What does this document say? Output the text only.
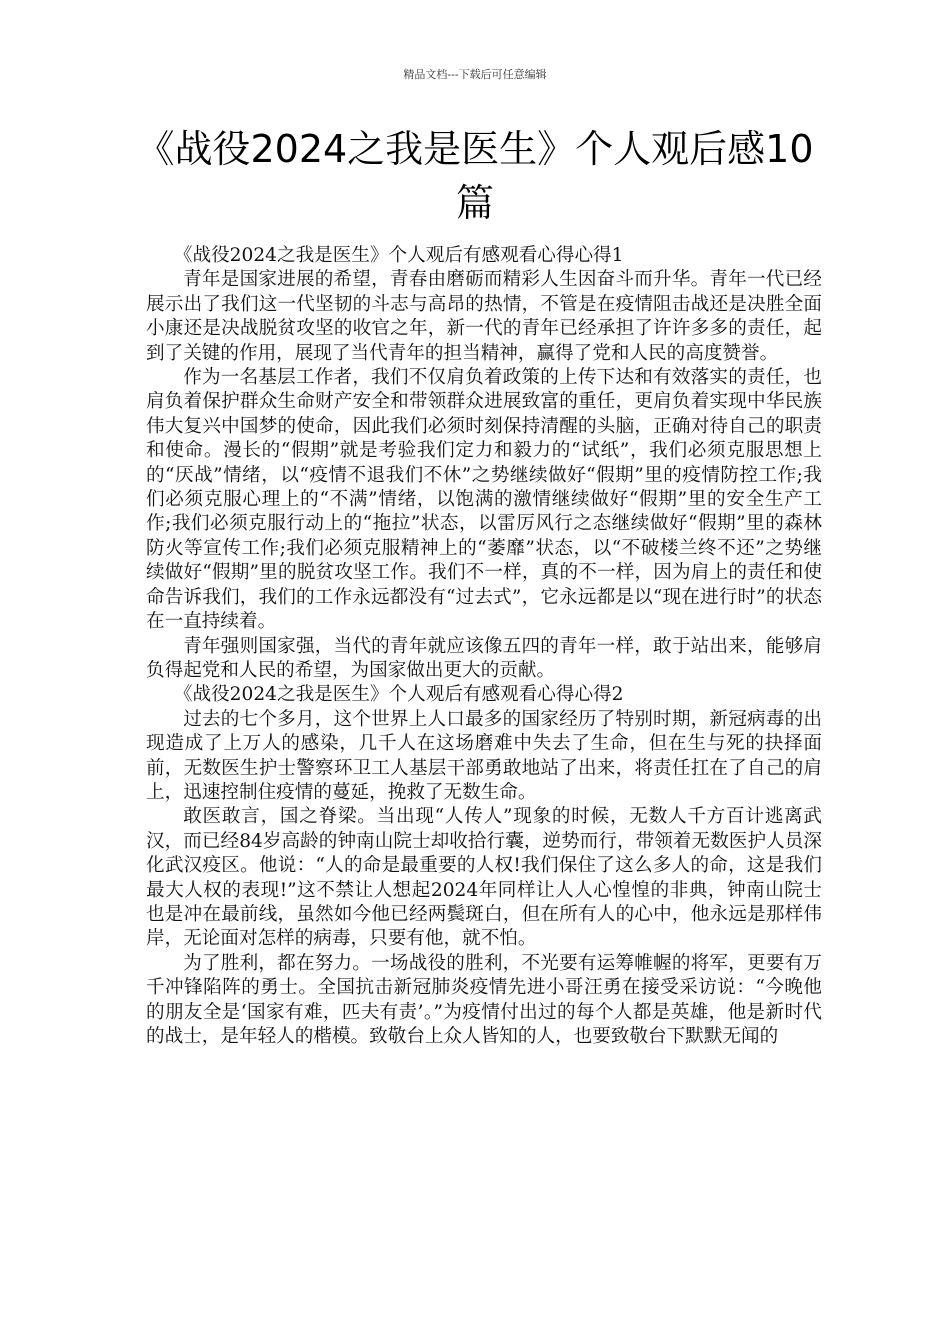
精品文档---下载后可任意编辑
《战役2024之我是医生》个人观后感10篇

《战役2024之我是医生》个人观后有感观看心得心得1

青年是国家进展的希望，青春由磨砺而精彩人生因奋斗而升华。青年一代已经展示出了我们这一代坚韧的斗志与高昂的热情，不管是在疫情阻击战还是决胜全面小康还是决战脱贫攻坚的收官之年，新一代的青年已经承担了许许多多的责任，起到了关键的作用，展现了当代青年的担当精神，赢得了党和人民的高度赞誉。

作为一名基层工作者，我们不仅肩负着政策的上传下达和有效落实的责任，也肩负着保护群众生命财产安全和带领群众进展致富的重任，更肩负着实现中华民族伟大复兴中国梦的使命，因此我们必须时刻保持清醒的头脑，正确对待自己的职责和使命。漫长的“假期”就是考验我们定力和毅力的“试纸”，我们必须克服思想上的“厌战”情绪，以“疫情不退我们不休”之势继续做好“假期”里的疫情防控工作;我们必须克服心理上的“不满”情绪，以饱满的激情继续做好“假期”里的安全生产工作;我们必须克服行动上的“拖拉”状态，以雷厉风行之态继续做好“假期”里的森林防火等宣传工作;我们必须克服精神上的“萎靡”状态，以“不破楼兰终不还”之势继续做好“假期”里的脱贫攻坚工作。我们不一样，真的不一样，因为肩上的责任和使命告诉我们，我们的工作永远都没有“过去式”，它永远都是以“现在进行时”的状态在一直持续着。

青年强则国家强，当代的青年就应该像五四的青年一样，敢于站出来，能够肩负得起党和人民的希望，为国家做出更大的贡献。

《战役2024之我是医生》个人观后有感观看心得心得2

过去的七个多月，这个世界上人口最多的国家经历了特别时期，新冠病毒的出现造成了上万人的感染，几千人在这场磨难中失去了生命，但在生与死的抉择面前，无数医生护士警察环卫工人基层干部勇敢地站了出来，将责任扛在了自己的肩上，迅速控制住疫情的蔓延，挽救了无数生命。

敢医敢言，国之脊梁。当出现“人传人”现象的时候，无数人千方百计逃离武汉，而已经84岁高龄的钟南山院士却收拾行囊，逆势而行，带领着无数医护人员深化武汉疫区。他说：“人的命是最重要的人权!我们保住了这么多人的命，这是我们最大人权的表现!”这不禁让人想起2024年同样让人人心惶惶的非典，钟南山院士也是冲在最前线，虽然如今他已经两鬓斑白，但在所有人的心中，他永远是那样伟岸，无论面对怎样的病毒，只要有他，就不怕。

为了胜利，都在努力。一场战役的胜利，不光要有运筹帷幄的将军，更要有万千冲锋陷阵的勇士。全国抗击新冠肺炎疫情先进小哥汪勇在接受采访说：“今晚他的朋友全是‘国家有难，匹夫有责’。”为疫情付出过的每个人都是英雄，他是新时代的战士，是年轻人的楷模。致敬台上众人皆知的人，也要致敬台下默默无闻的
